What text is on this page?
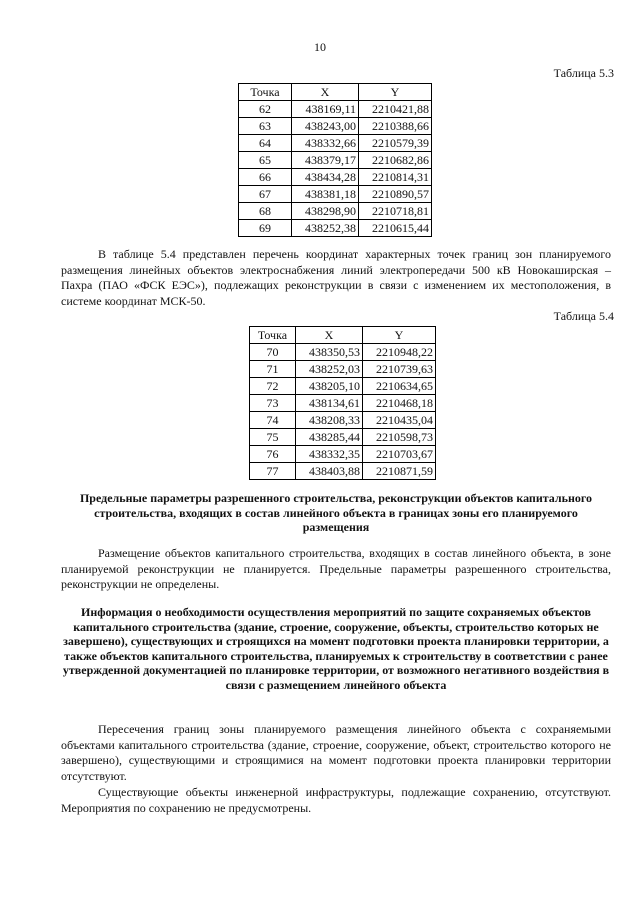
10
Таблица 5.3
Точка	X	Y
62	438169,11	2210421,88
63	438243,00	2210388,66
64	438332,66	2210579,39
65	438379,17	2210682,86
66	438434,28	2210814,31
67	438381,18	2210890,57
68	438298,90	2210718,81
69	438252,38	2210615,44
В таблице 5.4 представлен перечень координат характерных точек границ зон планируемого размещения линейных объектов электроснабжения линий электропередачи 500 кВ Новокаширская – Пахра (ПАО «ФСК ЕЭС»), подлежащих реконструкции в связи с изменением их местоположения, в системе координат МСК-50.
Таблица 5.4
Точка	X	Y
70	438350,53	2210948,22
71	438252,03	2210739,63
72	438205,10	2210634,65
73	438134,61	2210468,18
74	438208,33	2210435,04
75	438285,44	2210598,73
76	438332,35	2210703,67
77	438403,88	2210871,59
Предельные параметры разрешенного строительства, реконструкции объектов капитального строительства, входящих в состав линейного объекта в границах зоны его планируемого размещения
Размещение объектов капитального строительства, входящих в состав линейного объекта, в зоне планируемой реконструкции не планируется. Предельные параметры разрешенного строительства, реконструкции не определены.
Информация о необходимости осуществления мероприятий по защите сохраняемых объектов капитального строительства (здание, строение, сооружение, объекты, строительство которых не завершено), существующих и строящихся на момент подготовки проекта планировки территории, а также объектов капитального строительства, планируемых к строительству в соответствии с ранее утвержденной документацией по планировке территории, от возможного негативного воздействия в связи с размещением линейного объекта
Пересечения границ зоны планируемого размещения линейного объекта с сохраняемыми объектами капитального строительства (здание, строение, сооружение, объект, строительство которого не завершено), существующими и строящимися на момент подготовки проекта планировки территории отсутствуют.
Существующие объекты инженерной инфраструктуры, подлежащие сохранению, отсутствуют. Мероприятия по сохранению не предусмотрены.
